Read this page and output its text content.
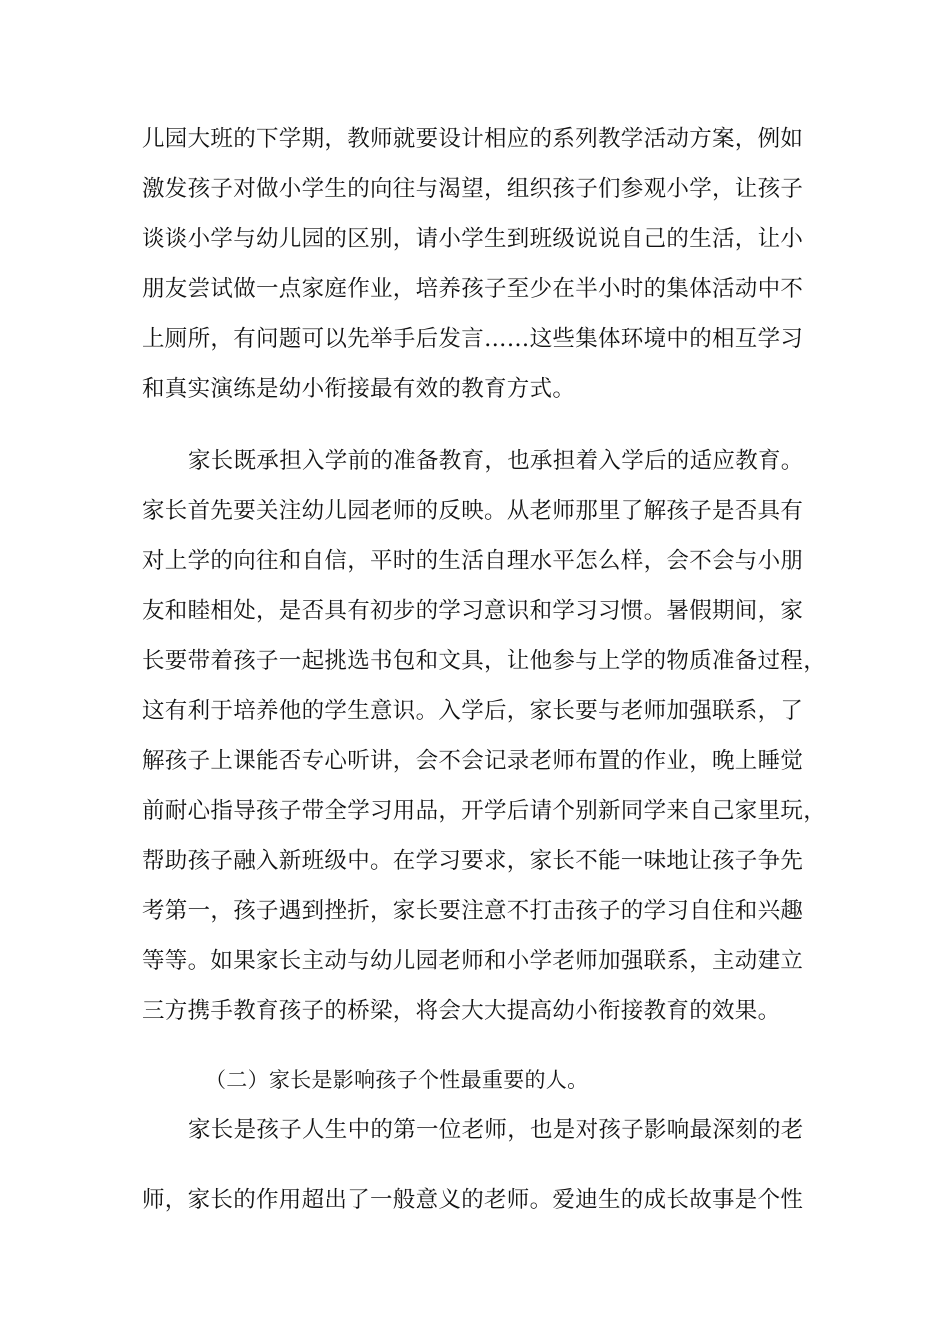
儿园大班的下学期，教师就要设计相应的系列教学活动方案，例如
激发孩子对做小学生的向往与渴望，组织孩子们参观小学，让孩子
谈谈小学与幼儿园的区别，请小学生到班级说说自己的生活，让小
朋友尝试做一点家庭作业，培养孩子至少在半小时的集体活动中不
上厕所，有问题可以先举手后发言……这些集体环境中的相互学习
和真实演练是幼小衔接最有效的教育方式。
家长既承担入学前的准备教育，也承担着入学后的适应教育。
家长首先要关注幼儿园老师的反映。从老师那里了解孩子是否具有
对上学的向往和自信，平时的生活自理水平怎么样，会不会与小朋
友和睦相处，是否具有初步的学习意识和学习习惯。暑假期间，家
长要带着孩子一起挑选书包和文具，让他参与上学的物质准备过程，
这有利于培养他的学生意识。入学后，家长要与老师加强联系，了
解孩子上课能否专心听讲，会不会记录老师布置的作业，晚上睡觉
前耐心指导孩子带全学习用品，开学后请个别新同学来自己家里玩，
帮助孩子融入新班级中。在学习要求，家长不能一味地让孩子争先
考第一，孩子遇到挫折，家长要注意不打击孩子的学习自住和兴趣
等等。如果家长主动与幼儿园老师和小学老师加强联系，主动建立
三方携手教育孩子的桥梁，将会大大提高幼小衔接教育的效果。
（二）家长是影响孩子个性最重要的人。
家长是孩子人生中的第一位老师，也是对孩子影响最深刻的老
师，家长的作用超出了一般意义的老师。爱迪生的成长故事是个性
